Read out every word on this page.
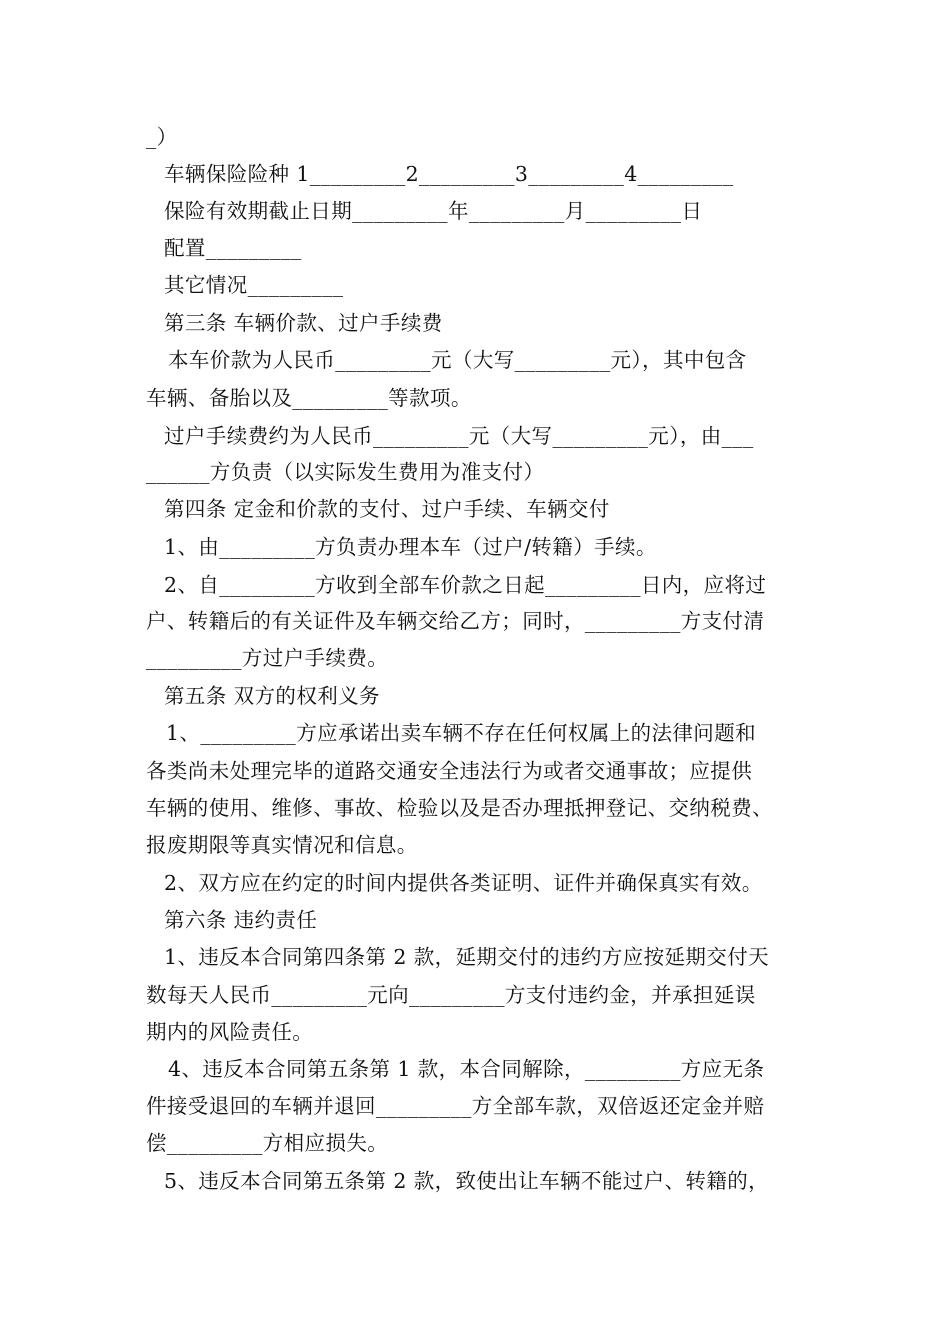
_）
车辆保险险种 1_________2_________3_________4_________
保险有效期截止日期_________年_________月_________日
配置_________
其它情况_________
第三条 车辆价款、过户手续费
本车价款为人民币_________元（大写_________元），其中包含
车辆、备胎以及_________等款项。
过户手续费约为人民币_________元（大写_________元），由___
______方负责（以实际发生费用为准支付）
第四条 定金和价款的支付、过户手续、车辆交付
1、由_________方负责办理本车（过户/转籍）手续。
2、自_________方收到全部车价款之日起_________日内，应将过
户、转籍后的有关证件及车辆交给乙方；同时，_________方支付清
_________方过户手续费。
第五条 双方的权利义务
1、_________方应承诺出卖车辆不存在任何权属上的法律问题和
各类尚未处理完毕的道路交通安全违法行为或者交通事故；应提供
车辆的使用、维修、事故、检验以及是否办理抵押登记、交纳税费、
报废期限等真实情况和信息。
2、双方应在约定的时间内提供各类证明、证件并确保真实有效。
第六条 违约责任
1、违反本合同第四条第 2 款，延期交付的违约方应按延期交付天
数每天人民币_________元向_________方支付违约金，并承担延误
期内的风险责任。
4、违反本合同第五条第 1 款，本合同解除，_________方应无条
件接受退回的车辆并退回_________方全部车款，双倍返还定金并赔
偿_________方相应损失。
5、违反本合同第五条第 2 款，致使出让车辆不能过户、转籍的，
